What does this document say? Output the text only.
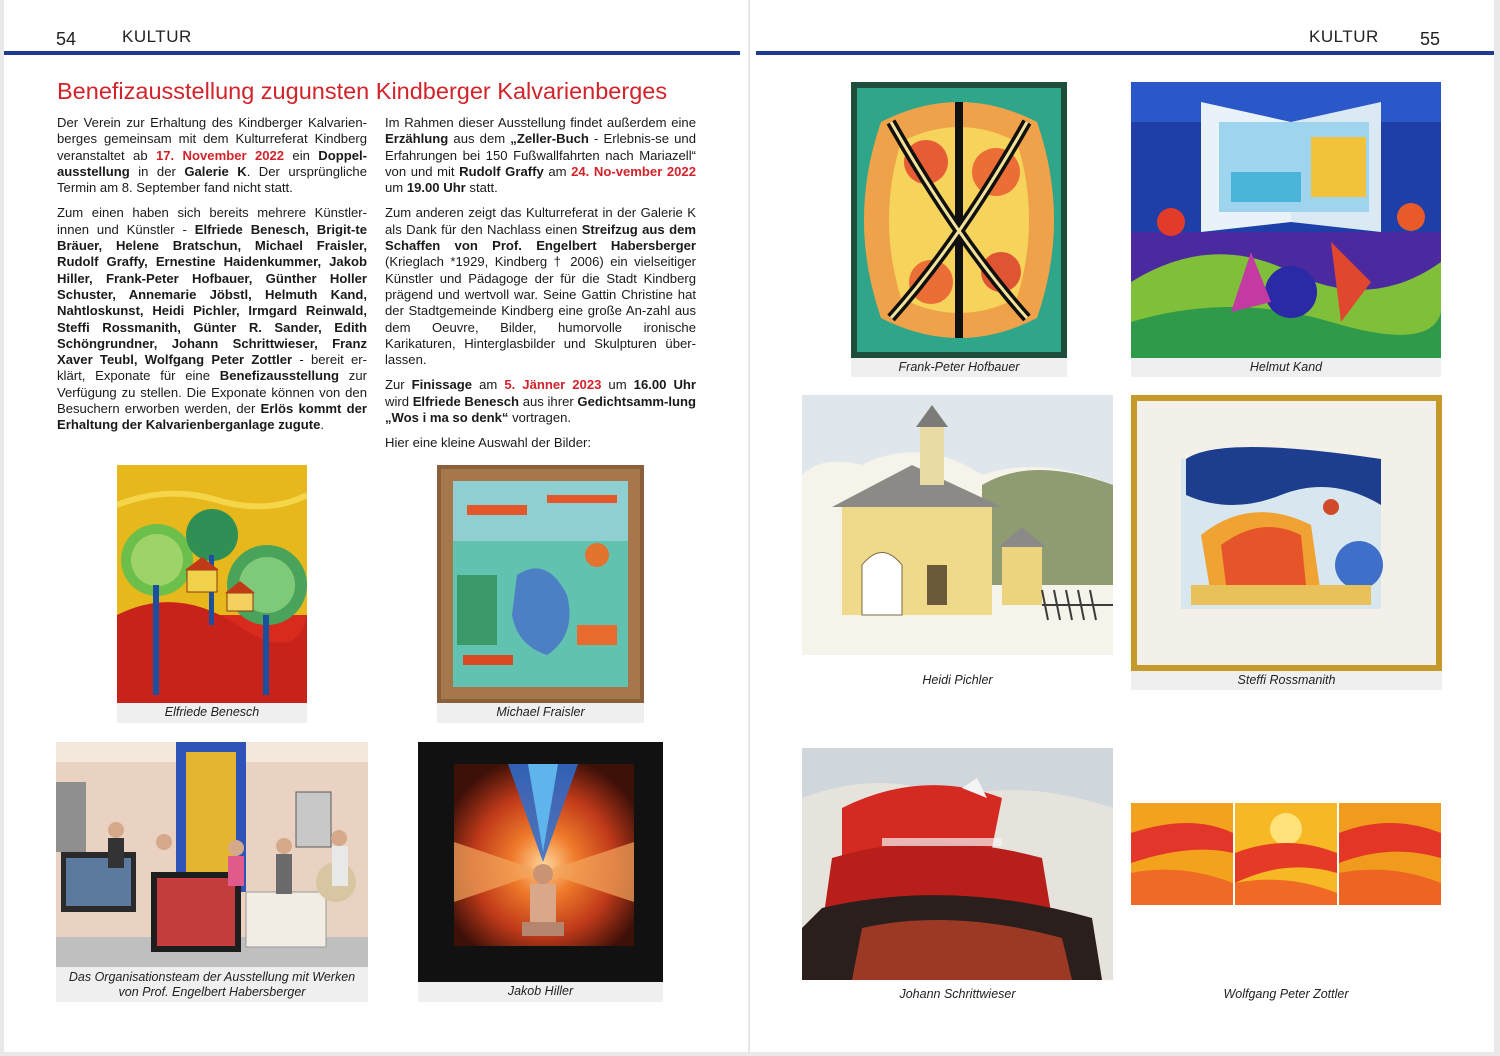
54	KULTUR	KULTUR 55
Benefizausstellung zugunsten Kindberger Kalvarienberges

Der Verein zur Erhaltung des Kindberger Kalvarien-berges gemeinsam mit dem Kulturreferat Kindberg veranstaltet ab 17. November 2022 ein Doppel-ausstellung in der Galerie K. Der ursprüngliche Termin am 8. September fand nicht statt.

Zum einen haben sich bereits mehrere Künstler-innen und Künstler - Elfriede Benesch, Brigit-te Bräuer, Helene Bratschun, Michael Fraisler, Rudolf Graffy, Ernestine Haidenkummer, Jakob Hiller, Frank-Peter Hofbauer, Günther Holler Schuster, Annemarie Jöbstl, Helmuth Kand, Nahtloskunst, Heidi Pichler, Irmgard Reinwald, Steffi Rossmanith, Günter R. Sander, Edith Schöngrundner, Johann Schrittwieser, Franz Xaver Teubl, Wolfgang Peter Zottler - bereit er-klärt, Exponate für eine Benefizausstellung zur Verfügung zu stellen. Die Exponate können von den Besuchern erworben werden, der Erlös kommt der Erhaltung der Kalvarienberganlage zugute.

Im Rahmen dieser Ausstellung findet außerdem eine Erzählung aus dem „Zeller-Buch - Erlebnis-se und Erfahrungen bei 150 Fußwallfahrten nach Mariazell“ von und mit Rudolf Graffy am 24. No-vember 2022 um 19.00 Uhr statt.

Zum anderen zeigt das Kulturreferat in der Galerie K als Dank für den Nachlass einen Streifzug aus dem Schaffen von Prof. Engelbert Habersberger (Krieglach *1929, Kindberg † 2006) ein vielseitiger Künstler und Pädagoge der für die Stadt Kindberg prägend und wertvoll war. Seine Gattin Christine hat der Stadtgemeinde Kindberg eine große An-zahl aus dem Oeuvre, Bilder, humorvolle ironische Karikaturen, Hinterglasbilder und Skulpturen über-lassen.

Zur Finissage am 5. Jänner 2023 um 16.00 Uhr wird Elfriede Benesch aus ihrer Gedichtsamm-lung „Wos i ma so denk“ vortragen.

Hier eine kleine Auswahl der Bilder:

Elfriede Benesch	Michael Fraisler
Das Organisationsteam der Ausstellung mit Werken
von Prof. Engelbert Habersberger	Jakob Hiller
Frank-Peter Hofbauer	Helmut Kand
Heidi Pichler	Steffi Rossmanith
Johann Schrittwieser	Wolfgang Peter Zottler
